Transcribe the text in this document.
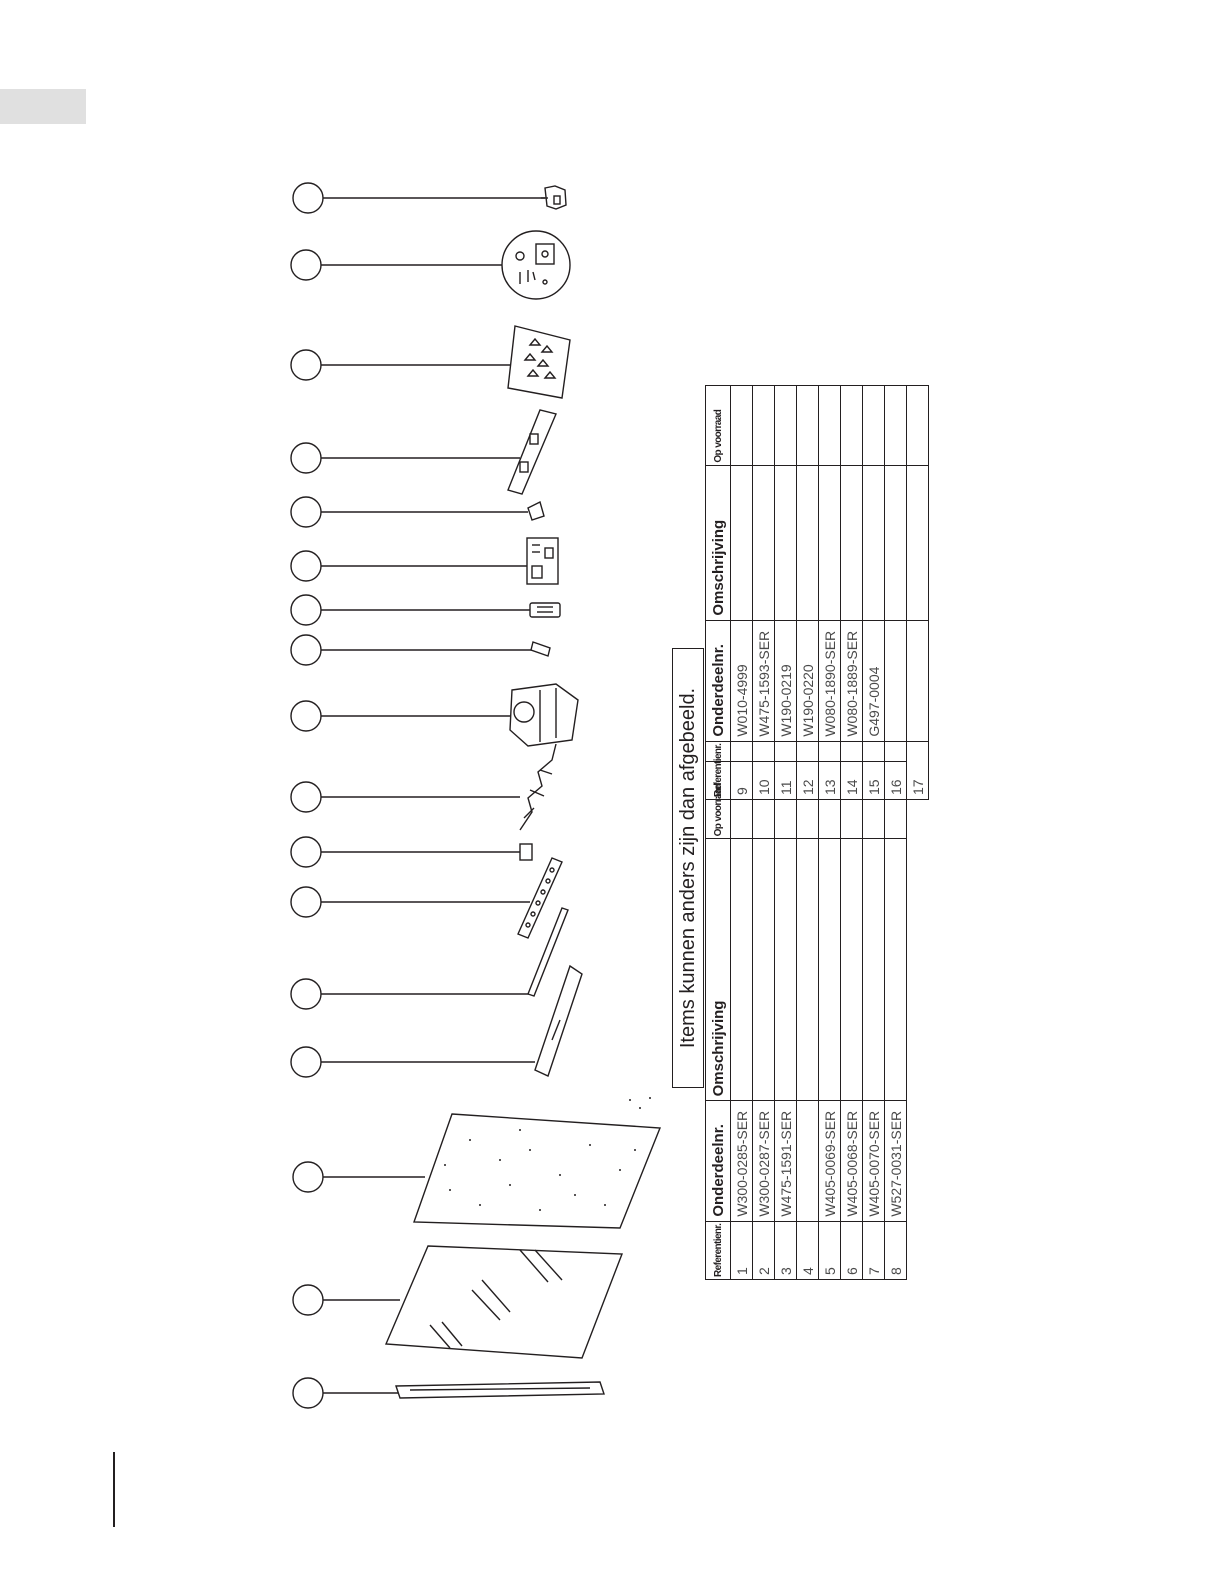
Items kunnen anders zijn dan afgebeeld.
Referentienr.	Onderdeelnr.	Omschrijving	Op voorraad
1	W300-0285-SER		
2	W300-0287-SER		
3	W475-1591-SER		
4			
5	W405-0069-SER		
6	W405-0068-SER		
7	W405-0070-SER		
8	W527-0031-SER		
Referentienr.	Onderdeelnr.	Omschrijving	Op voorraad
9	W010-4999		
10	W475-1593-SER		
11	W190-0219		
12	W190-0220		
13	W080-1890-SER		
14	W080-1889-SER		
15	G497-0004		
16			
17			
